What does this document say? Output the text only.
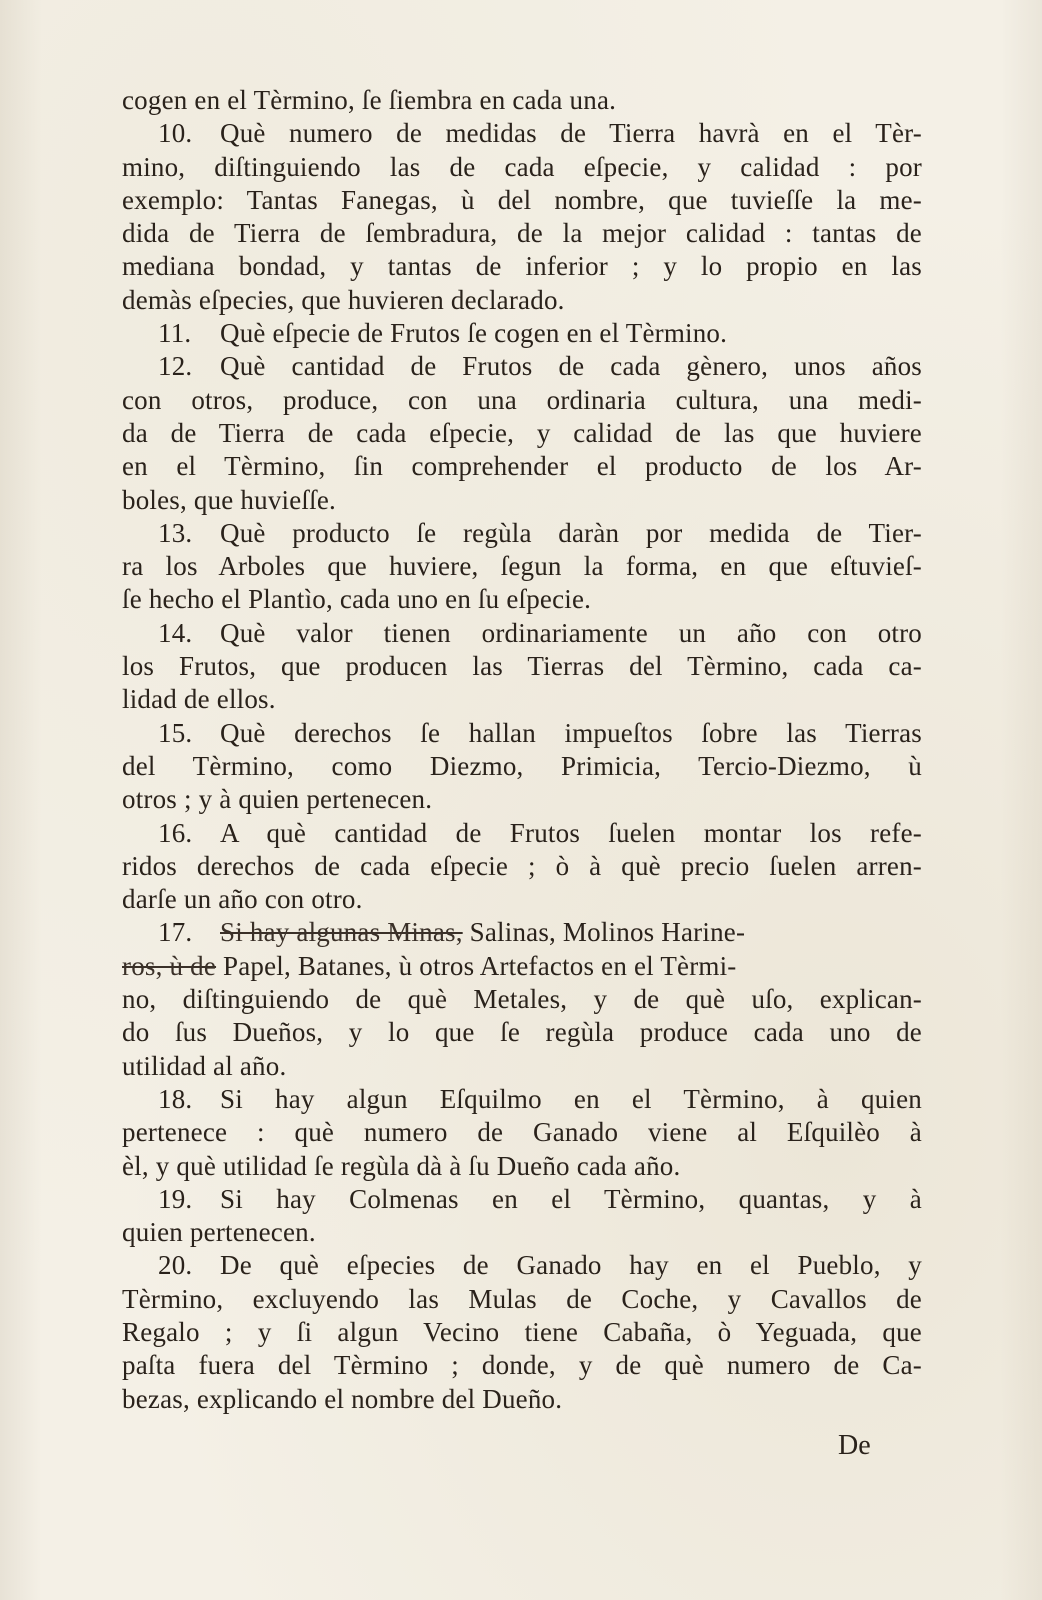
cogen en el Tèrmino, ſe ſiembra en cada una.
10.	Què numero de medidas de Tierra havrà en el Tèr-
mino, diſtinguiendo las de cada eſpecie, y calidad : por
exemplo: Tantas Fanegas, ù del nombre, que tuvieſſe la me-
dida de Tierra de ſembradura, de la mejor calidad : tantas de
mediana bondad, y tantas de inferior ; y lo propio en las
demàs eſpecies, que huvieren declarado.
11.	Què eſpecie de Frutos ſe cogen en el Tèrmino.
12.	Què cantidad de Frutos de cada gènero, unos años
con otros, produce, con una ordinaria cultura, una medi-
da de Tierra de cada eſpecie, y calidad de las que huviere
en el Tèrmino, ſin comprehender el producto de los Ar-
boles, que huvieſſe.
13.	Què producto ſe regùla daràn por medida de Tier-
ra los Arboles que huviere, ſegun la forma, en que eſtuvieſ-
ſe hecho el Plantìo, cada uno en ſu eſpecie.
14.	Què valor tienen ordinariamente un año con otro
los Frutos, que producen las Tierras del Tèrmino, cada ca-
lidad de ellos.
15.	Què derechos ſe hallan impueſtos ſobre las Tierras
del Tèrmino, como Diezmo, Primicia, Tercio-Diezmo, ù
otros ; y à quien pertenecen.
16.	A què cantidad de Frutos ſuelen montar los refe-
ridos derechos de cada eſpecie ; ò à què precio ſuelen arren-
darſe un año con otro.
17.	Si hay algunas Minas, Salinas, Molinos Harine-
ros, ù de Papel, Batanes, ù otros Artefactos en el Tèrmi-
no, diſtinguiendo de què Metales, y de què uſo, explican-
do ſus Dueños, y lo que ſe regùla produce cada uno de
utilidad al año.
18.	Si hay algun Eſquilmo en el Tèrmino, à quien
pertenece : què numero de Ganado viene al Eſquilèo à
èl, y què utilidad ſe regùla dà à ſu Dueño cada año.
19.	Si hay Colmenas en el Tèrmino, quantas, y à
quien pertenecen.
20.	De què eſpecies de Ganado hay en el Pueblo, y
Tèrmino, excluyendo las Mulas de Coche, y Cavallos de
Regalo ; y ſi algun Vecino tiene Cabaña, ò Yeguada, que
paſta fuera del Tèrmino ; donde, y de què numero de Ca-
bezas, explicando el nombre del Dueño.
De
